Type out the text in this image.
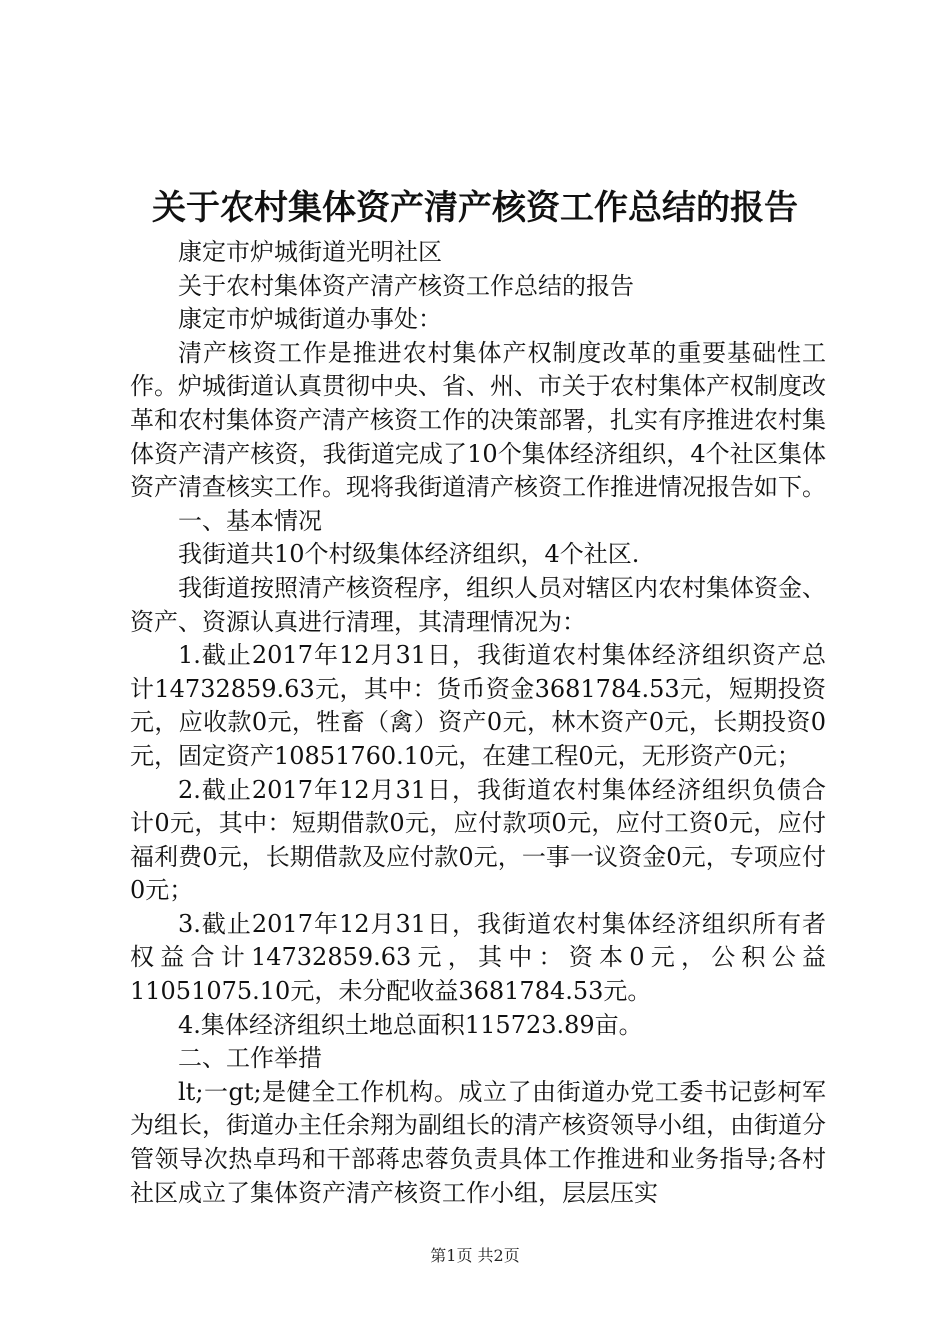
关于农村集体资产清产核资工作总结的报告

康定市炉城街道光明社区

关于农村集体资产清产核资工作总结的报告

康定市炉城街道办事处：

清产核资工作是推进农村集体产权制度改革的重要基础性工作。炉城街道认真贯彻中央、省、州、市关于农村集体产权制度改革和农村集体资产清产核资工作的决策部署，扎实有序推进农村集体资产清产核资，我街道完成了10个集体经济组织，4个社区集体资产清查核实工作。现将我街道清产核资工作推进情况报告如下。

一、基本情况

我街道共10个村级集体经济组织，4个社区.

我街道按照清产核资程序，组织人员对辖区内农村集体资金、资产、资源认真进行清理，其清理情况为：

1.截止2017年12月31日，我街道农村集体经济组织资产总计14732859.63元，其中：货币资金3681784.53元，短期投资元，应收款0元，牲畜（禽）资产0元，林木资产0元，长期投资0元，固定资产10851760.10元，在建工程0元，无形资产0元；

2.截止2017年12月31日，我街道农村集体经济组织负债合计0元，其中：短期借款0元，应付款项0元，应付工资0元，应付福利费0元，长期借款及应付款0元，一事一议资金0元，专项应付0元；

3.截止2017年12月31日，我街道农村集体经济组织所有者权益合计14732859.63元，其中：资本0元，公积公益11051075.10元，未分配收益3681784.53元。

4.集体经济组织土地总面积115723.89亩。

二、工作举措

lt;一gt;是健全工作机构。成立了由街道办党工委书记彭柯军为组长，街道办主任余翔为副组长的清产核资领导小组，由街道分管领导次热卓玛和干部蒋忠蓉负责具体工作推进和业务指导;各村社区成立了集体资产清产核资工作小组，层层压实

第1页 共2页
